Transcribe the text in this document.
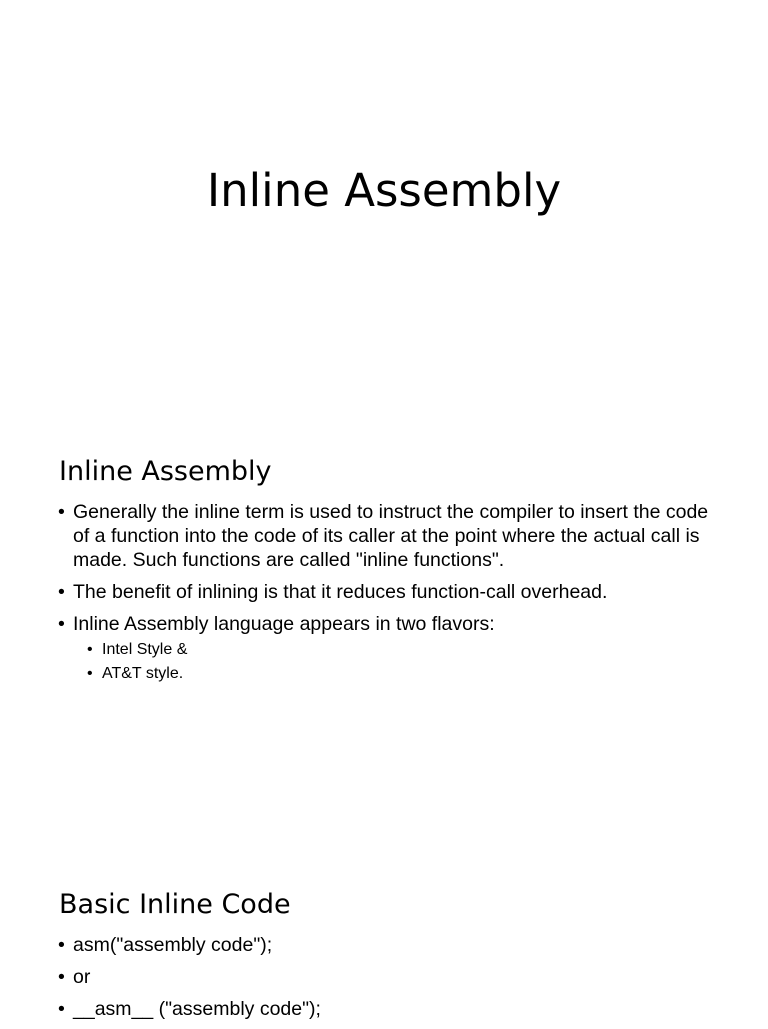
Inline Assembly
Inline Assembly
• Generally the inline term is used to instruct the compiler to insert the code of a function into the code of its caller at the point where the actual call is made. Such functions are called "inline functions".
• The benefit of inlining is that it reduces function-call overhead.
• Inline Assembly language appears in two flavors:
• Intel Style &
• AT&T style.
Basic Inline Code
• asm("assembly code");
• or
• __asm__ ("assembly code");
